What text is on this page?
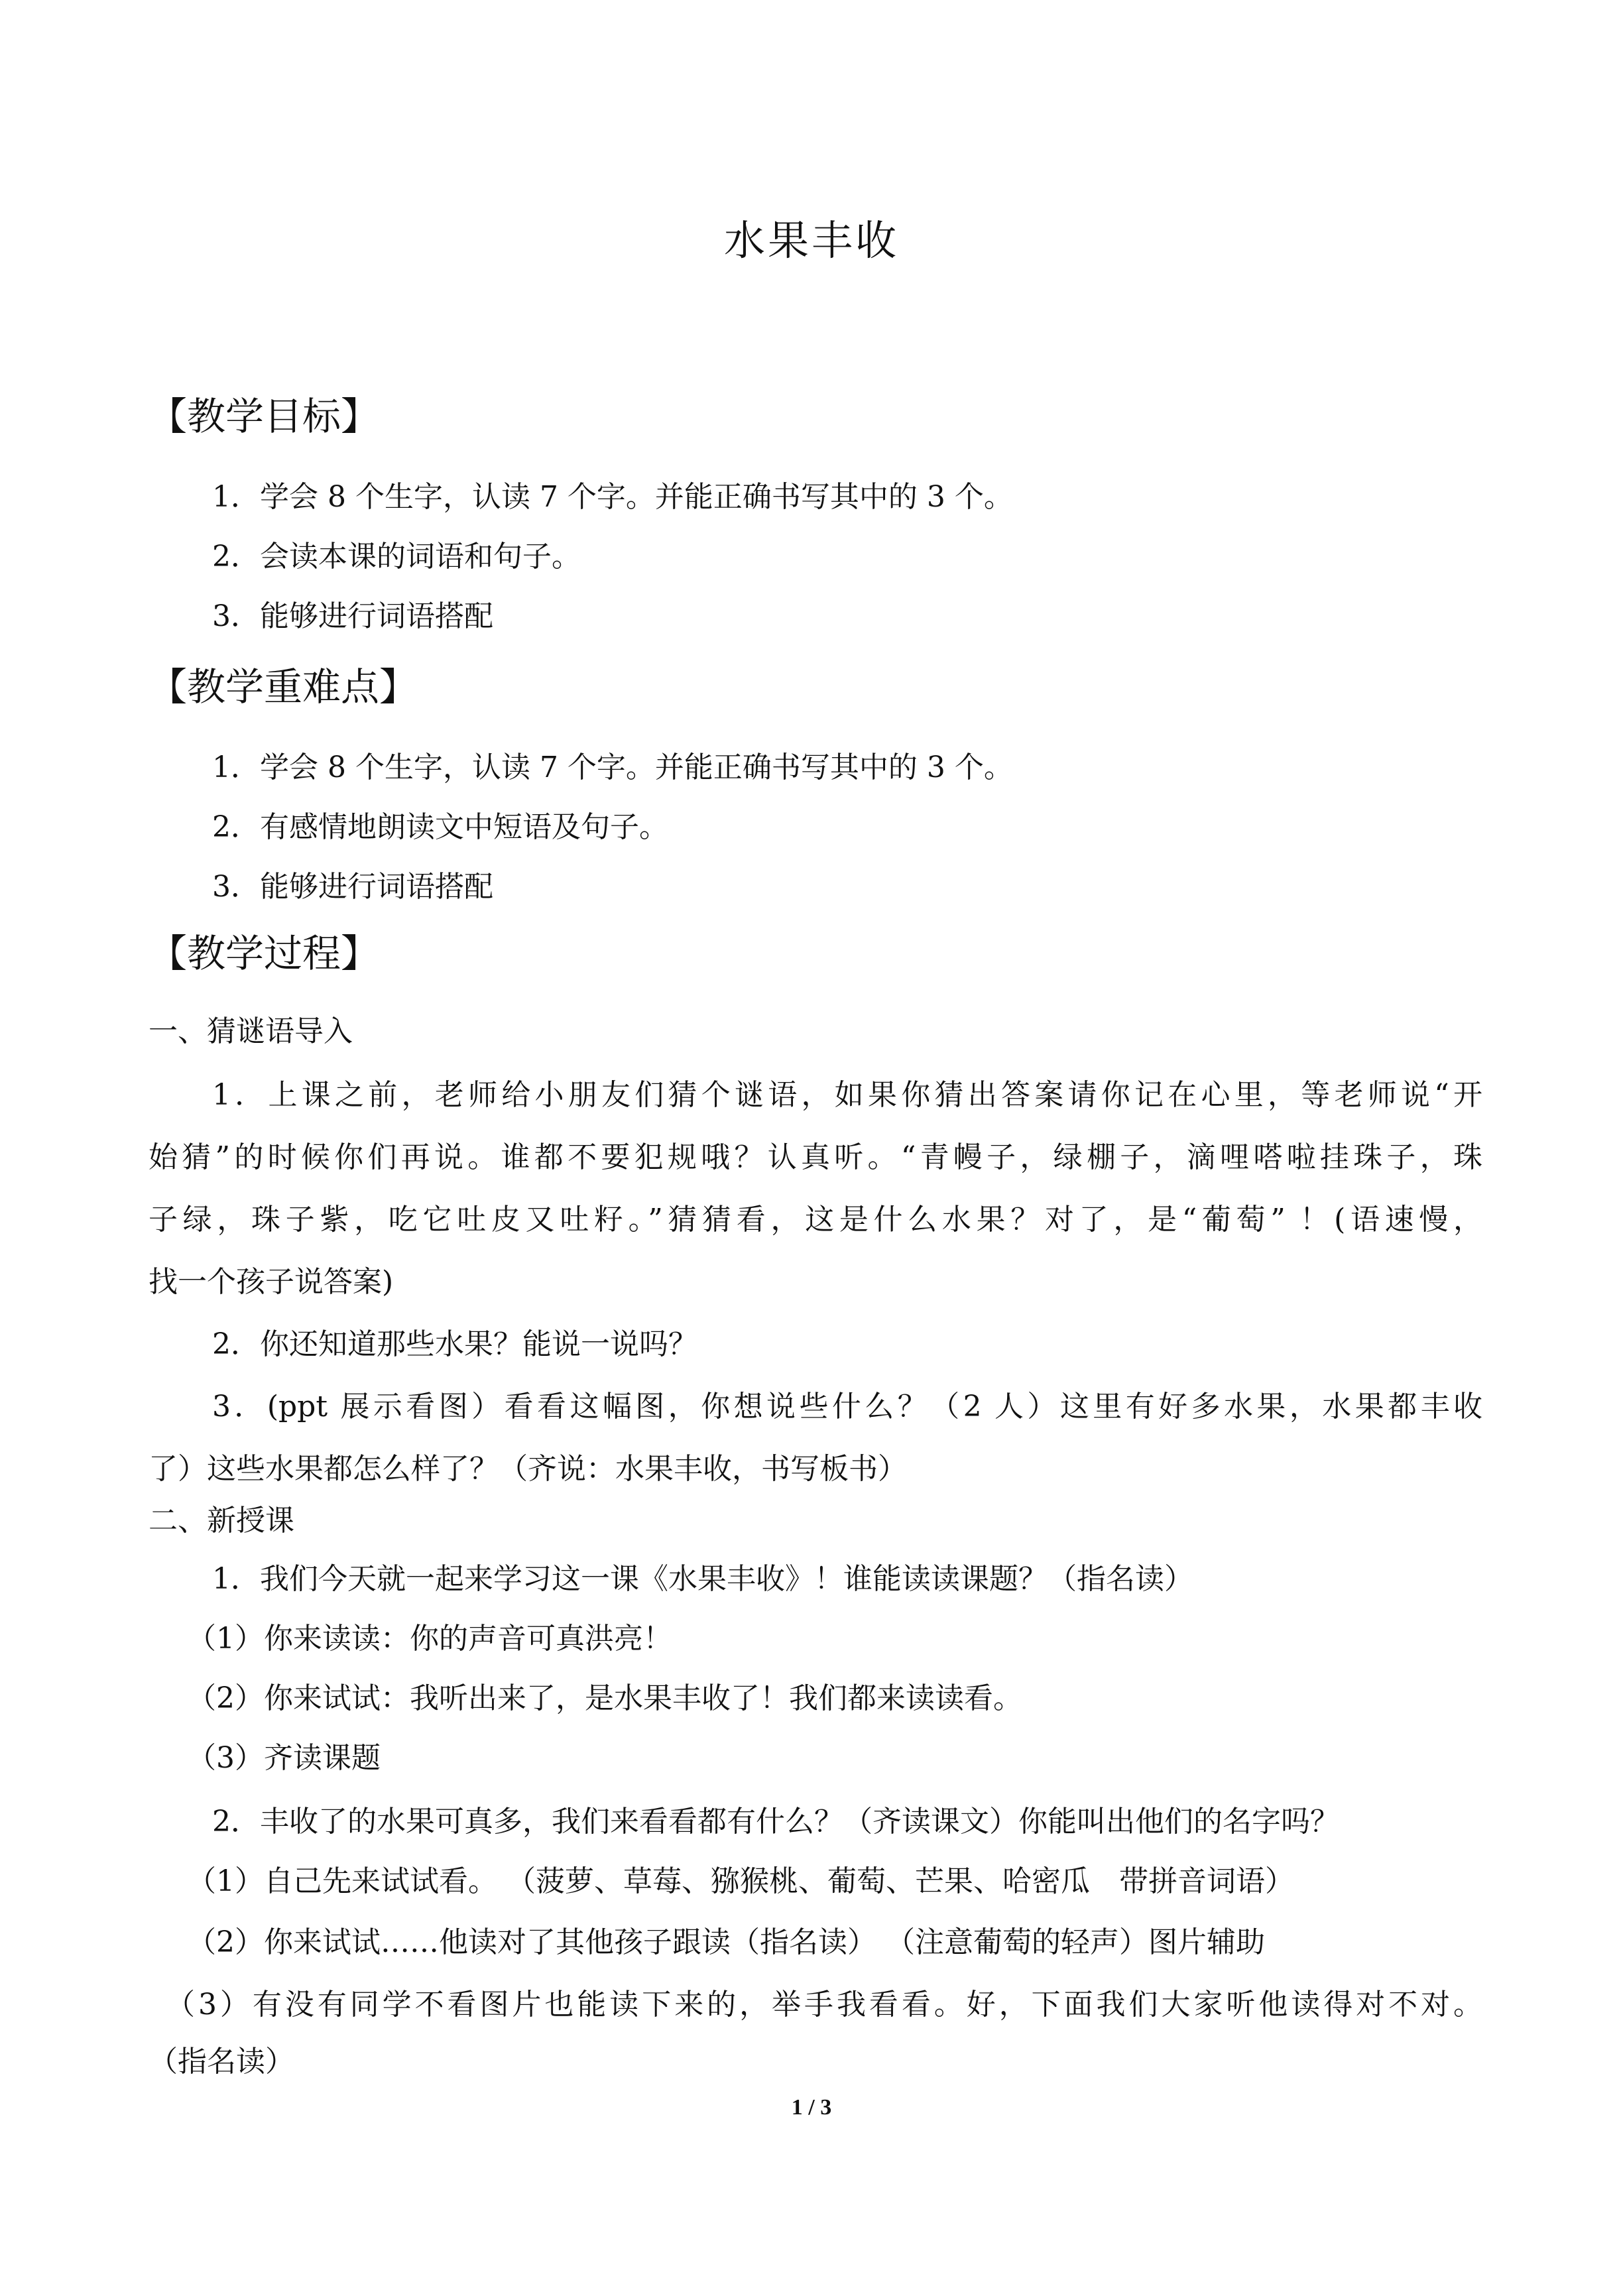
水果丰收
【教学目标】
1．学会 8 个生字，认读 7 个字。并能正确书写其中的 3 个。
2．会读本课的词语和句子。
3．能够进行词语搭配
【教学重难点】
1．学会 8 个生字，认读 7 个字。并能正确书写其中的 3 个。
2．有感情地朗读文中短语及句子。
3．能够进行词语搭配
【教学过程】
一、猜谜语导入
1．上课之前，老师给小朋友们猜个谜语，如果你猜出答案请你记在心里，等老师说“开
始猜”的时候你们再说。谁都不要犯规哦？认真听。“青幔子，绿棚子，滴哩嗒啦挂珠子，珠
子绿，珠子紫，吃它吐皮又吐籽。”猜猜看，这是什么水果？对了，是“葡萄” ！(语速慢，
找一个孩子说答案)
2．你还知道那些水果？能说一说吗？
3．(ppt 展示看图）看看这幅图，你想说些什么？（2 人）这里有好多水果，水果都丰收
了）这些水果都怎么样了？（齐说：水果丰收，书写板书）
二、新授课
1．我们今天就一起来学习这一课《水果丰收》！谁能读读课题？（指名读）
（1）你来读读：你的声音可真洪亮！
（2）你来试试：我听出来了，是水果丰收了！我们都来读读看。
（3）齐读课题
2．丰收了的水果可真多，我们来看看都有什么？（齐读课文）你能叫出他们的名字吗？
（1）自己先来试试看。 （菠萝、草莓、猕猴桃、葡萄、芒果、哈密瓜　带拼音词语）
（2）你来试试……他读对了其他孩子跟读（指名读） （注意葡萄的轻声）图片辅助
（3）有没有同学不看图片也能读下来的，举手我看看。好，下面我们大家听他读得对不对。
（指名读）
1 / 3
